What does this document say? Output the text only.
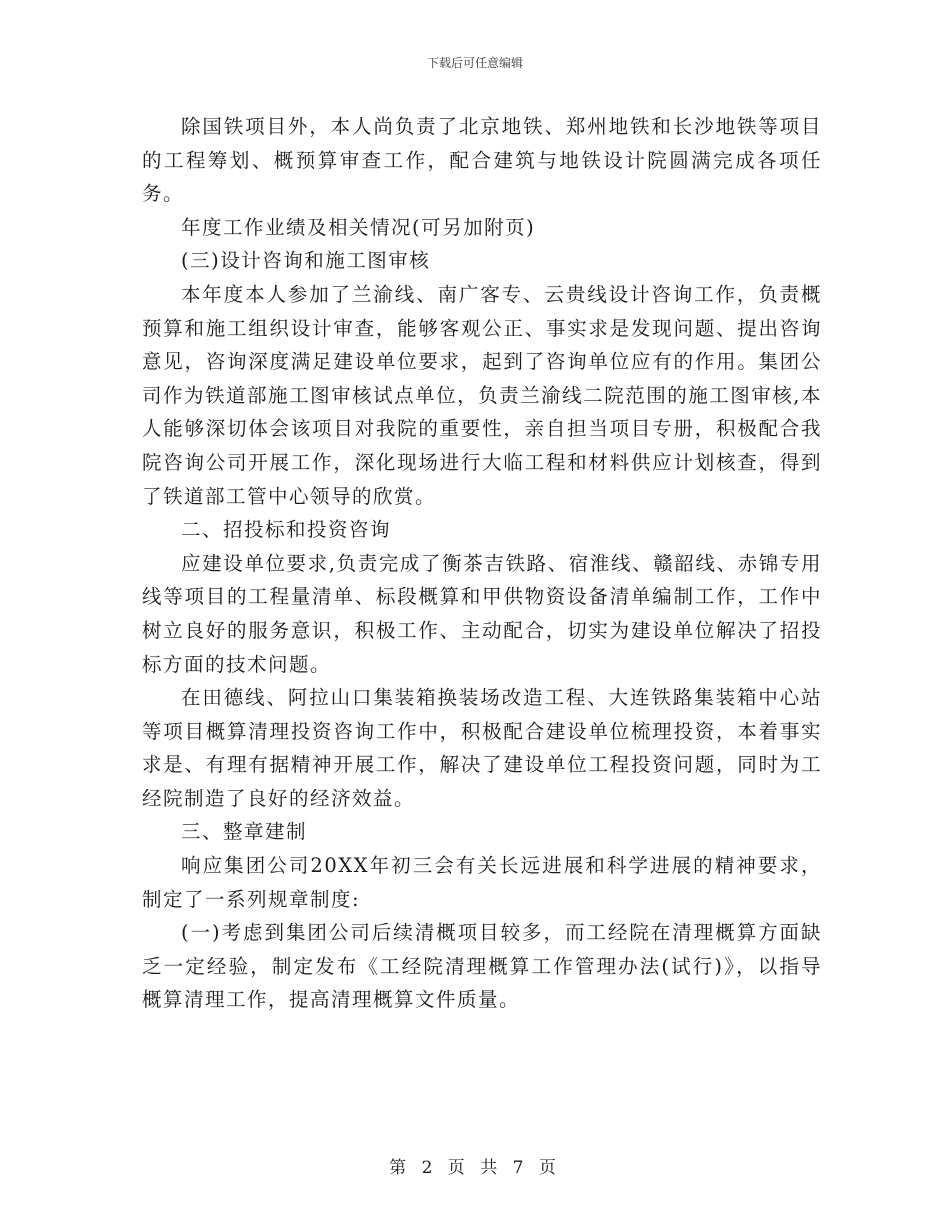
下载后可任意编辑

除国铁项目外，本人尚负责了北京地铁、郑州地铁和长沙地铁等项目的工程筹划、概预算审查工作，配合建筑与地铁设计院圆满完成各项任务。

年度工作业绩及相关情况(可另加附页)

(三)设计咨询和施工图审核

本年度本人参加了兰渝线、南广客专、云贵线设计咨询工作，负责概预算和施工组织设计审查，能够客观公正、事实求是发现问题、提出咨询意见，咨询深度满足建设单位要求，起到了咨询单位应有的作用。集团公司作为铁道部施工图审核试点单位，负责兰渝线二院范围的施工图审核,本人能够深切体会该项目对我院的重要性，亲自担当项目专册，积极配合我院咨询公司开展工作，深化现场进行大临工程和材料供应计划核查，得到了铁道部工管中心领导的欣赏。

二、招投标和投资咨询

应建设单位要求,负责完成了衡茶吉铁路、宿淮线、赣韶线、赤锦专用线等项目的工程量清单、标段概算和甲供物资设备清单编制工作，工作中树立良好的服务意识，积极工作、主动配合，切实为建设单位解决了招投标方面的技术问题。

在田德线、阿拉山口集装箱换装场改造工程、大连铁路集装箱中心站等项目概算清理投资咨询工作中，积极配合建设单位梳理投资，本着事实求是、有理有据精神开展工作，解决了建设单位工程投资问题，同时为工经院制造了良好的经济效益。

三、整章建制

响应集团公司20XX年初三会有关长远进展和科学进展的精神要求，制定了一系列规章制度:

(一)考虑到集团公司后续清概项目较多，而工经院在清理概算方面缺乏一定经验，制定发布《工经院清理概算工作管理办法(试行)》，以指导概算清理工作，提高清理概算文件质量。

第 2 页 共 7 页
